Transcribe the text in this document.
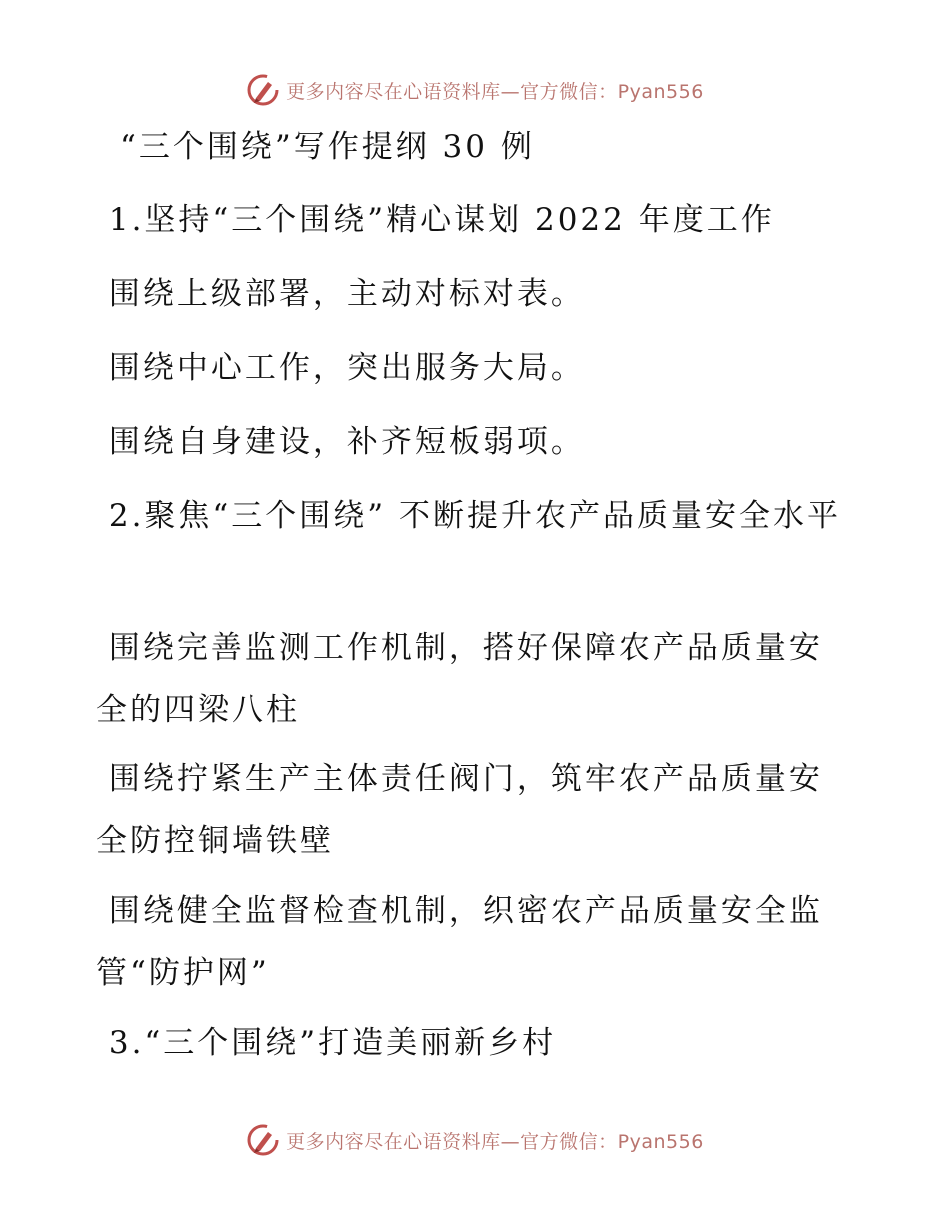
更多内容尽在心语资料库—官方微信：Pyan556
“三个围绕”写作提纲 30 例
1.坚持“三个围绕”精心谋划 2022 年度工作
围绕上级部署，主动对标对表。
围绕中心工作，突出服务大局。
围绕自身建设，补齐短板弱项。
2.聚焦“三个围绕” 不断提升农产品质量安全水平
围绕完善监测工作机制，搭好保障农产品质量安全的四梁八柱
围绕拧紧生产主体责任阀门，筑牢农产品质量安全防控铜墙铁壁
围绕健全监督检查机制，织密农产品质量安全监管“防护网”
3.“三个围绕”打造美丽新乡村
更多内容尽在心语资料库—官方微信：Pyan556
